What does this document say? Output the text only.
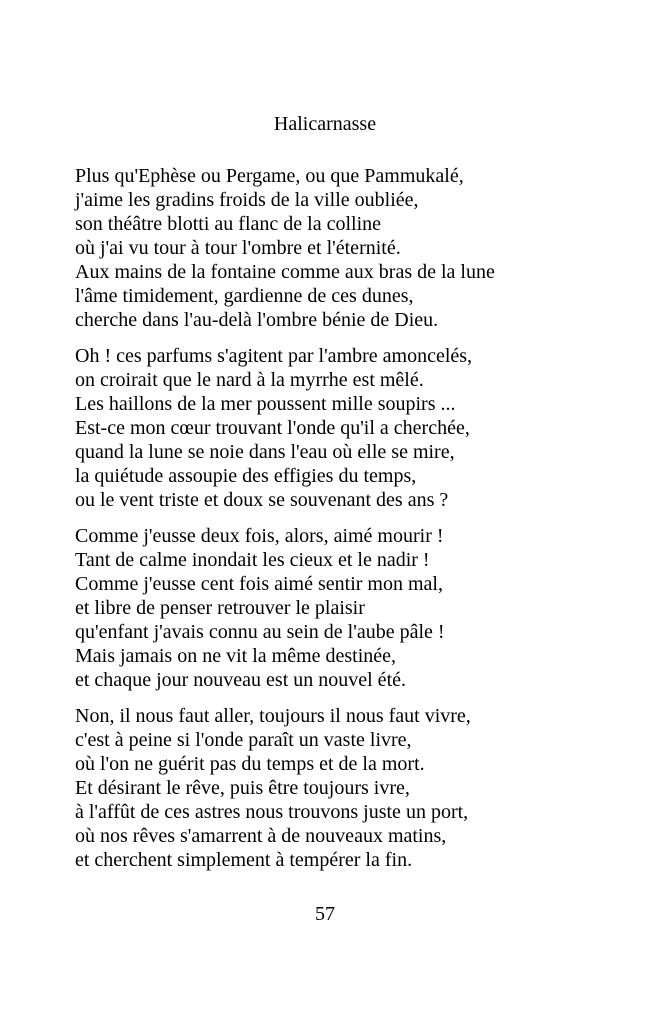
Halicarnasse
Plus qu'Ephèse ou Pergame, ou que Pammukalé,
j'aime les gradins froids de la ville oubliée,
son théâtre blotti au flanc de la colline
où j'ai vu tour à tour l'ombre et l'éternité.
Aux mains de la fontaine comme aux bras de la lune
l'âme timidement, gardienne de ces dunes,
cherche dans l'au-delà l'ombre bénie de Dieu.
Oh ! ces parfums s'agitent par l'ambre amoncelés,
on croirait que le nard à la myrrhe est mêlé.
Les haillons de la mer poussent mille soupirs ...
Est-ce mon cœur trouvant l'onde qu'il a cherchée,
quand la lune se noie dans l'eau où elle se mire,
la quiétude assoupie des effigies du temps,
ou le vent triste et doux se souvenant des ans ?
Comme j'eusse deux fois, alors, aimé mourir !
Tant de calme inondait les cieux et le nadir !
Comme j'eusse cent fois aimé sentir mon mal,
et libre de penser retrouver le plaisir
qu'enfant j'avais connu au sein de l'aube pâle !
Mais jamais on ne vit la même destinée,
et chaque jour nouveau est un nouvel été.
Non, il nous faut aller, toujours il nous faut vivre,
c'est à peine si l'onde paraît un vaste livre,
où l'on ne guérit pas du temps et de la mort.
Et désirant le rêve, puis être toujours ivre,
à l'affût de ces astres nous trouvons juste un port,
où nos rêves s'amarrent à de nouveaux matins,
et cherchent simplement à tempérer la fin.
57
